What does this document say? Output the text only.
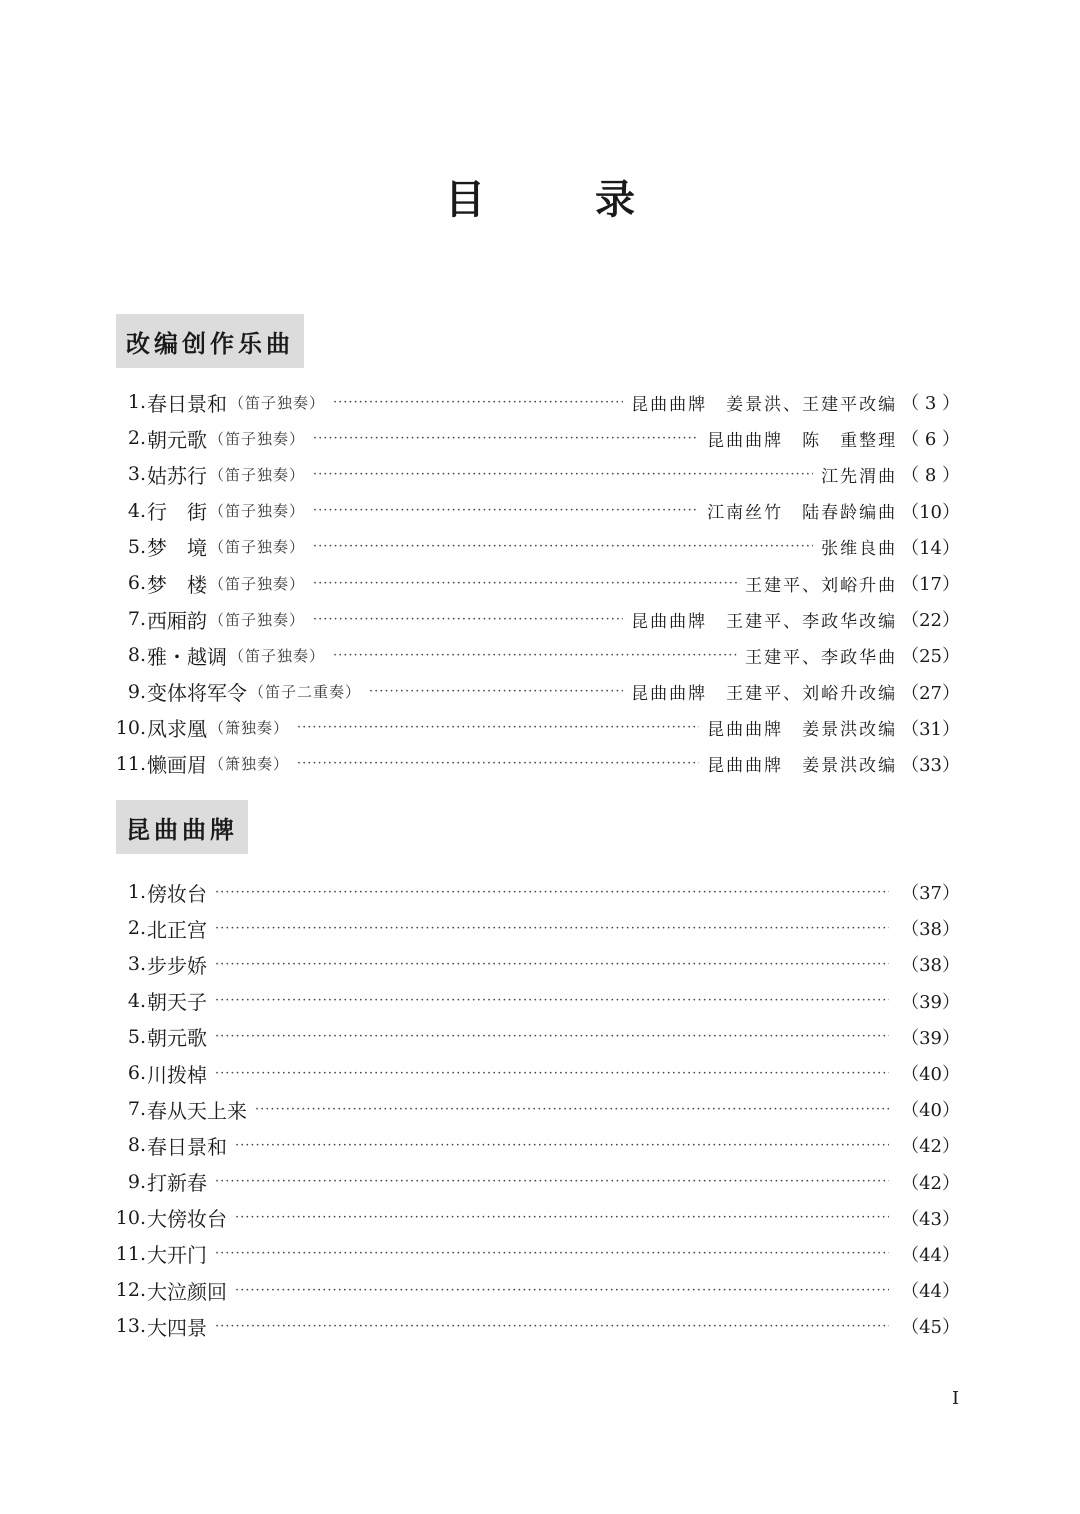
目	录
改编创作乐曲
1. 春日景和 （笛子独奏） ·····	昆曲曲牌　姜景洪、王建平改编 （ 3 ）
2. 朝元歌 （笛子独奏） ·····	昆曲曲牌　陈　重整理 （ 6 ）
3. 姑苏行 （笛子独奏） ·····	江先渭曲 （ 8 ）
4. 行　街 （笛子独奏） ·····	江南丝竹　陆春龄编曲 （10）
5. 梦　境 （笛子独奏） ·····	张维良曲 （14）
6. 梦　楼 （笛子独奏） ·····	王建平、刘峪升曲 （17）
7. 西厢韵 （笛子独奏） ·····	昆曲曲牌　王建平、李政华改编 （22）
8. 雅・越调 （笛子独奏） ·····	王建平、李政华曲 （25）
9. 变体将军令 （笛子二重奏） ·····	昆曲曲牌　王建平、刘峪升改编 （27）
10. 凤求凰 （箫独奏） ·····	昆曲曲牌　姜景洪改编 （31）
11. 懒画眉 （箫独奏） ·····	昆曲曲牌　姜景洪改编 （33）
昆曲曲牌
1. 傍妆台 ·····	（37）
2. 北正宫 ·····	（38）
3. 步步娇 ·····	（38）
4. 朝天子 ·····	（39）
5. 朝元歌 ·····	（39）
6. 川拨棹 ·····	（40）
7. 春从天上来 ·····	（40）
8. 春日景和 ·····	（42）
9. 打新春 ·····	（42）
10. 大傍妆台 ·····	（43）
11. 大开门 ·····	（44）
12. 大泣颜回 ·····	（44）
13. 大四景 ·····	（45）
I
